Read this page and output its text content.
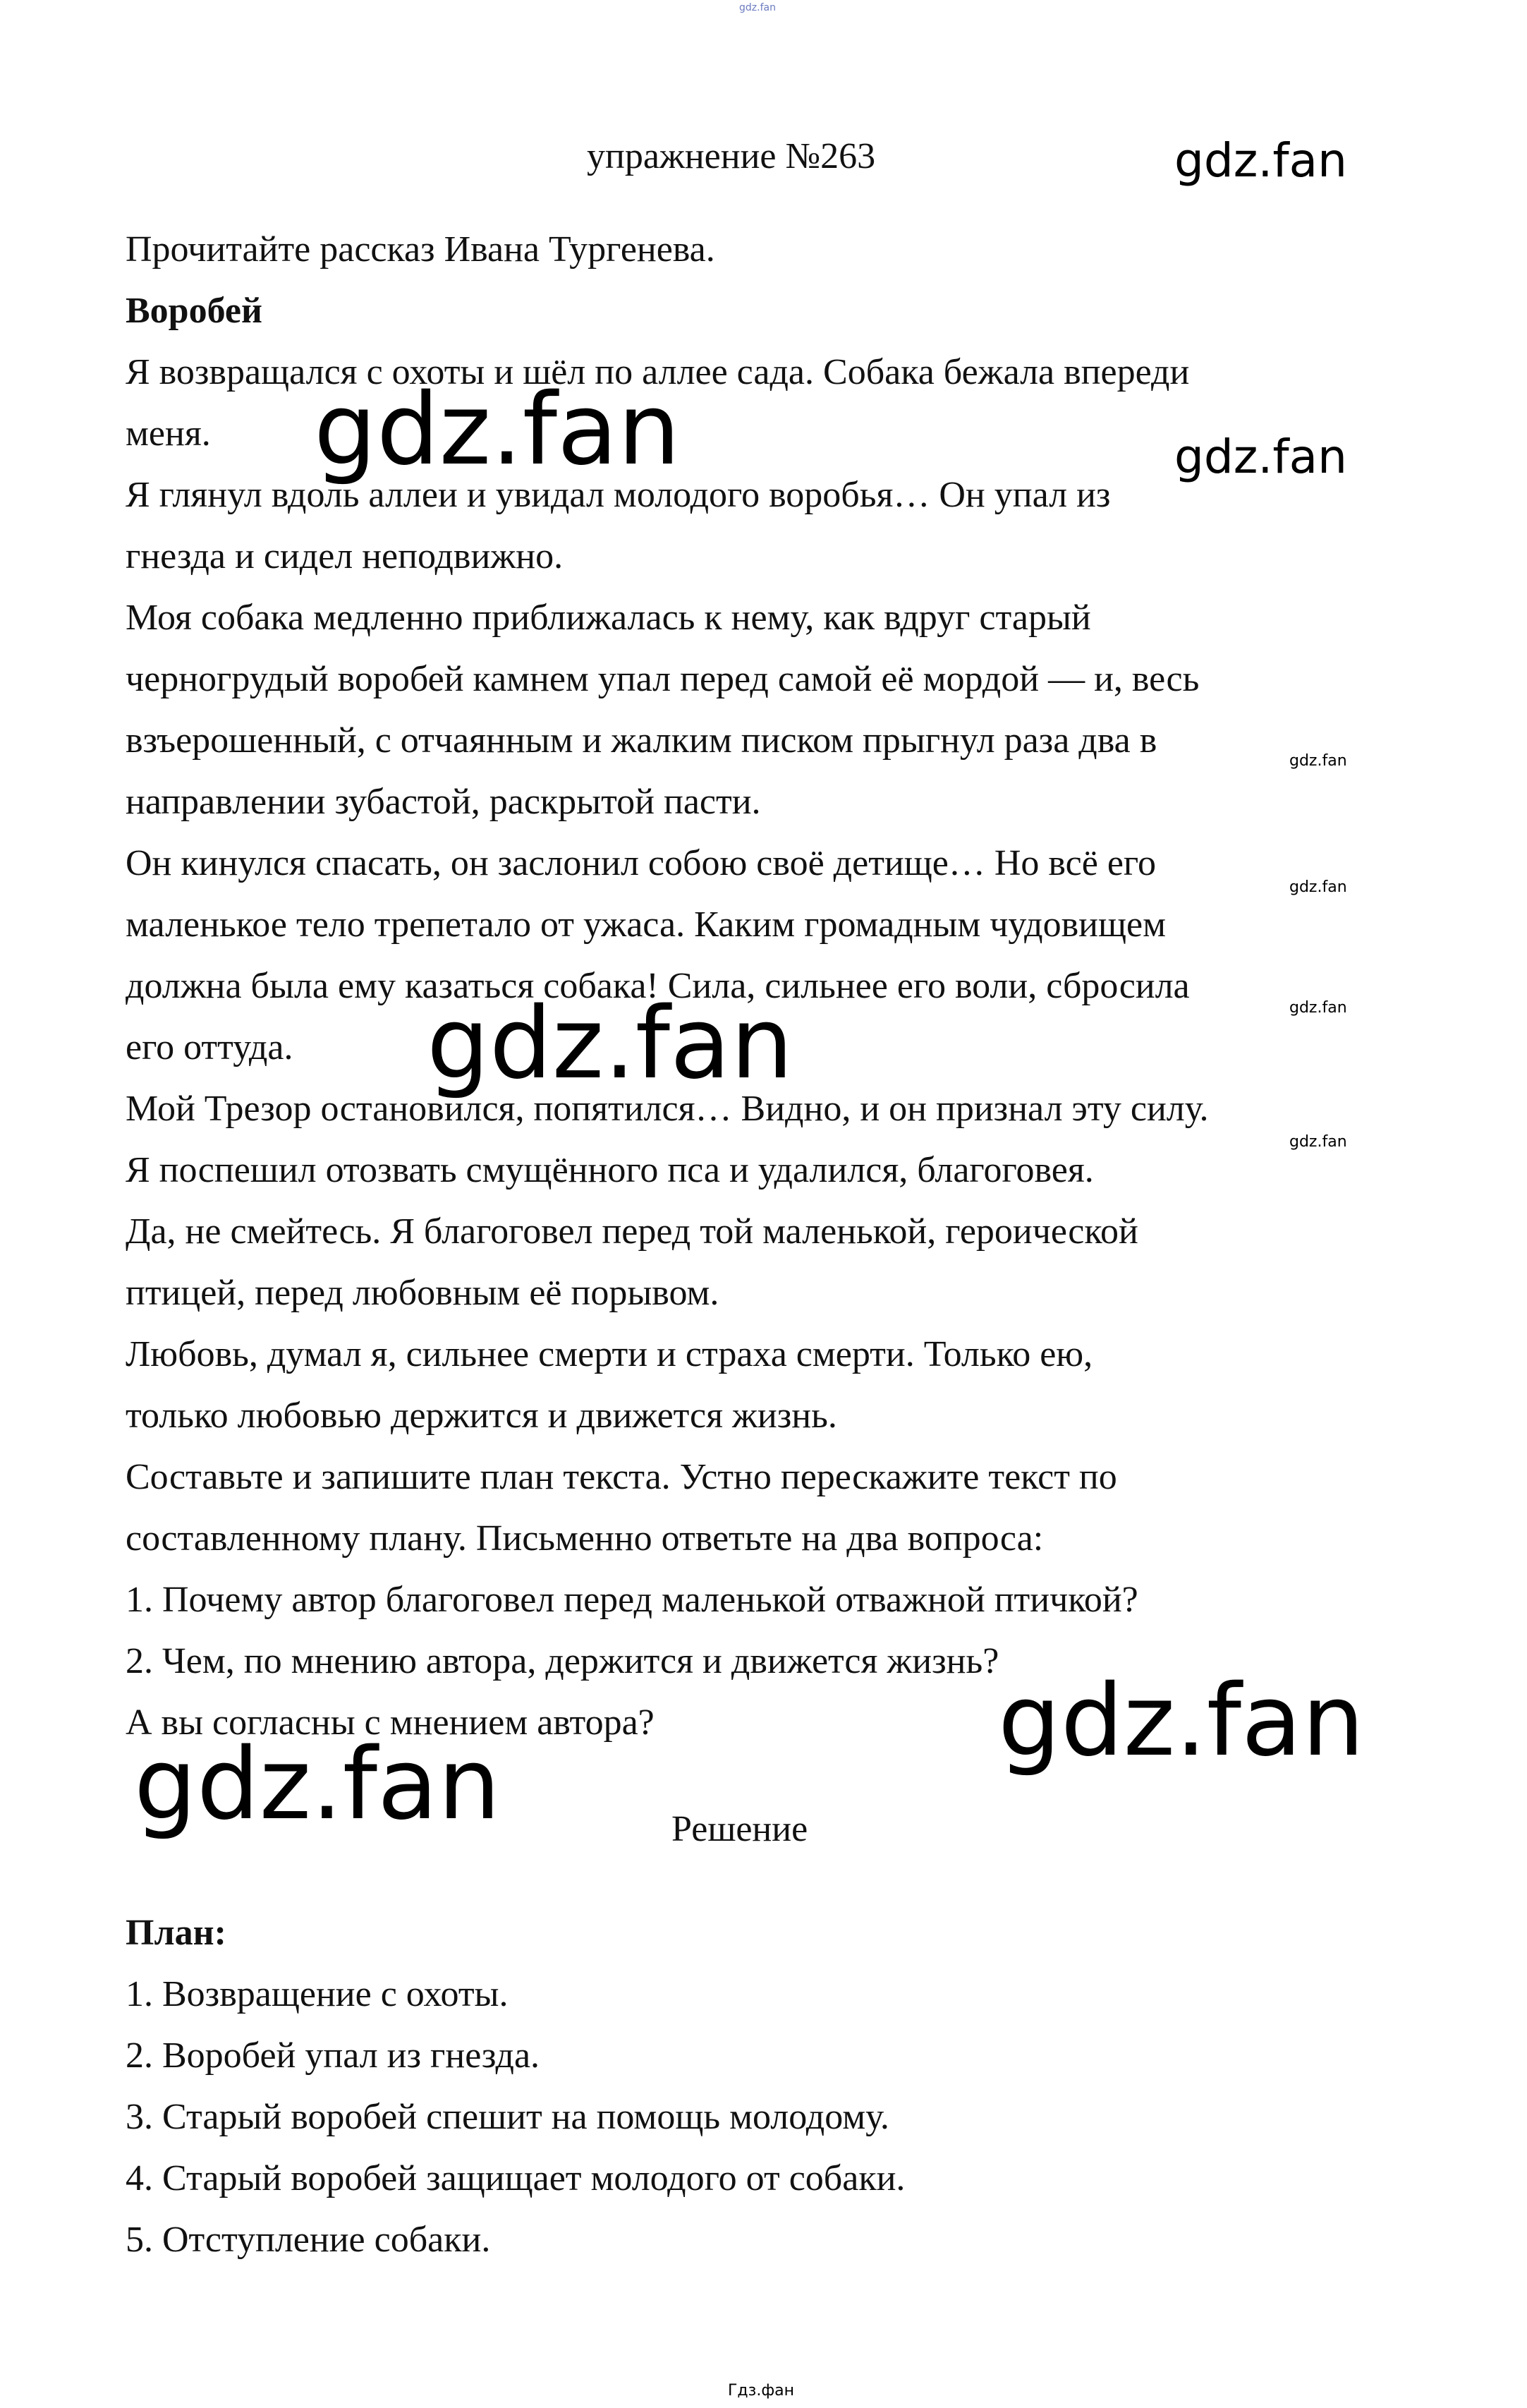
gdz.fan
упражнение №263
Прочитайте рассказ Ивана Тургенева.
Воробей
Я возвращался с охоты и шёл по аллее сада. Собака бежала впереди
меня.
Я глянул вдоль аллеи и увидал молодого воробья… Он упал из
гнезда и сидел неподвижно.
Моя собака медленно приближалась к нему, как вдруг старый
черногрудый воробей камнем упал перед самой её мордой — и, весь
взъерошенный, с отчаянным и жалким писком прыгнул раза два в
направлении зубастой, раскрытой пасти.
Он кинулся спасать, он заслонил собою своё детище… Но всё его
маленькое тело трепетало от ужаса. Каким громадным чудовищем
должна была ему казаться собака! Сила, сильнее его воли, сбросила
его оттуда.
Мой Трезор остановился, попятился… Видно, и он признал эту силу.
Я поспешил отозвать смущённого пса и удалился, благоговея.
Да, не смейтесь. Я благоговел перед той маленькой, героической
птицей, перед любовным её порывом.
Любовь, думал я, сильнее смерти и страха смерти. Только ею,
только любовью держится и движется жизнь.
Составьте и запишите план текста. Устно перескажите текст по
составленному плану. Письменно ответьте на два вопроса:
1. Почему автор благоговел перед маленькой отважной птичкой?
2. Чем, по мнению автора, держится и движется жизнь?
А вы согласны с мнением автора?
Решение
План:
1. Возвращение с охоты.
2. Воробей упал из гнезда.
3. Старый воробей спешит на помощь молодому.
4. Старый воробей защищает молодого от собаки.
5. Отступление собаки.
gdz.fan
gdz.fan	gdz.fan
gdz.fan
gdz.fan
gdz.fan
gdz.fan
gdz.fan
gdz.fan
gdz.fan
Гдз.фан
